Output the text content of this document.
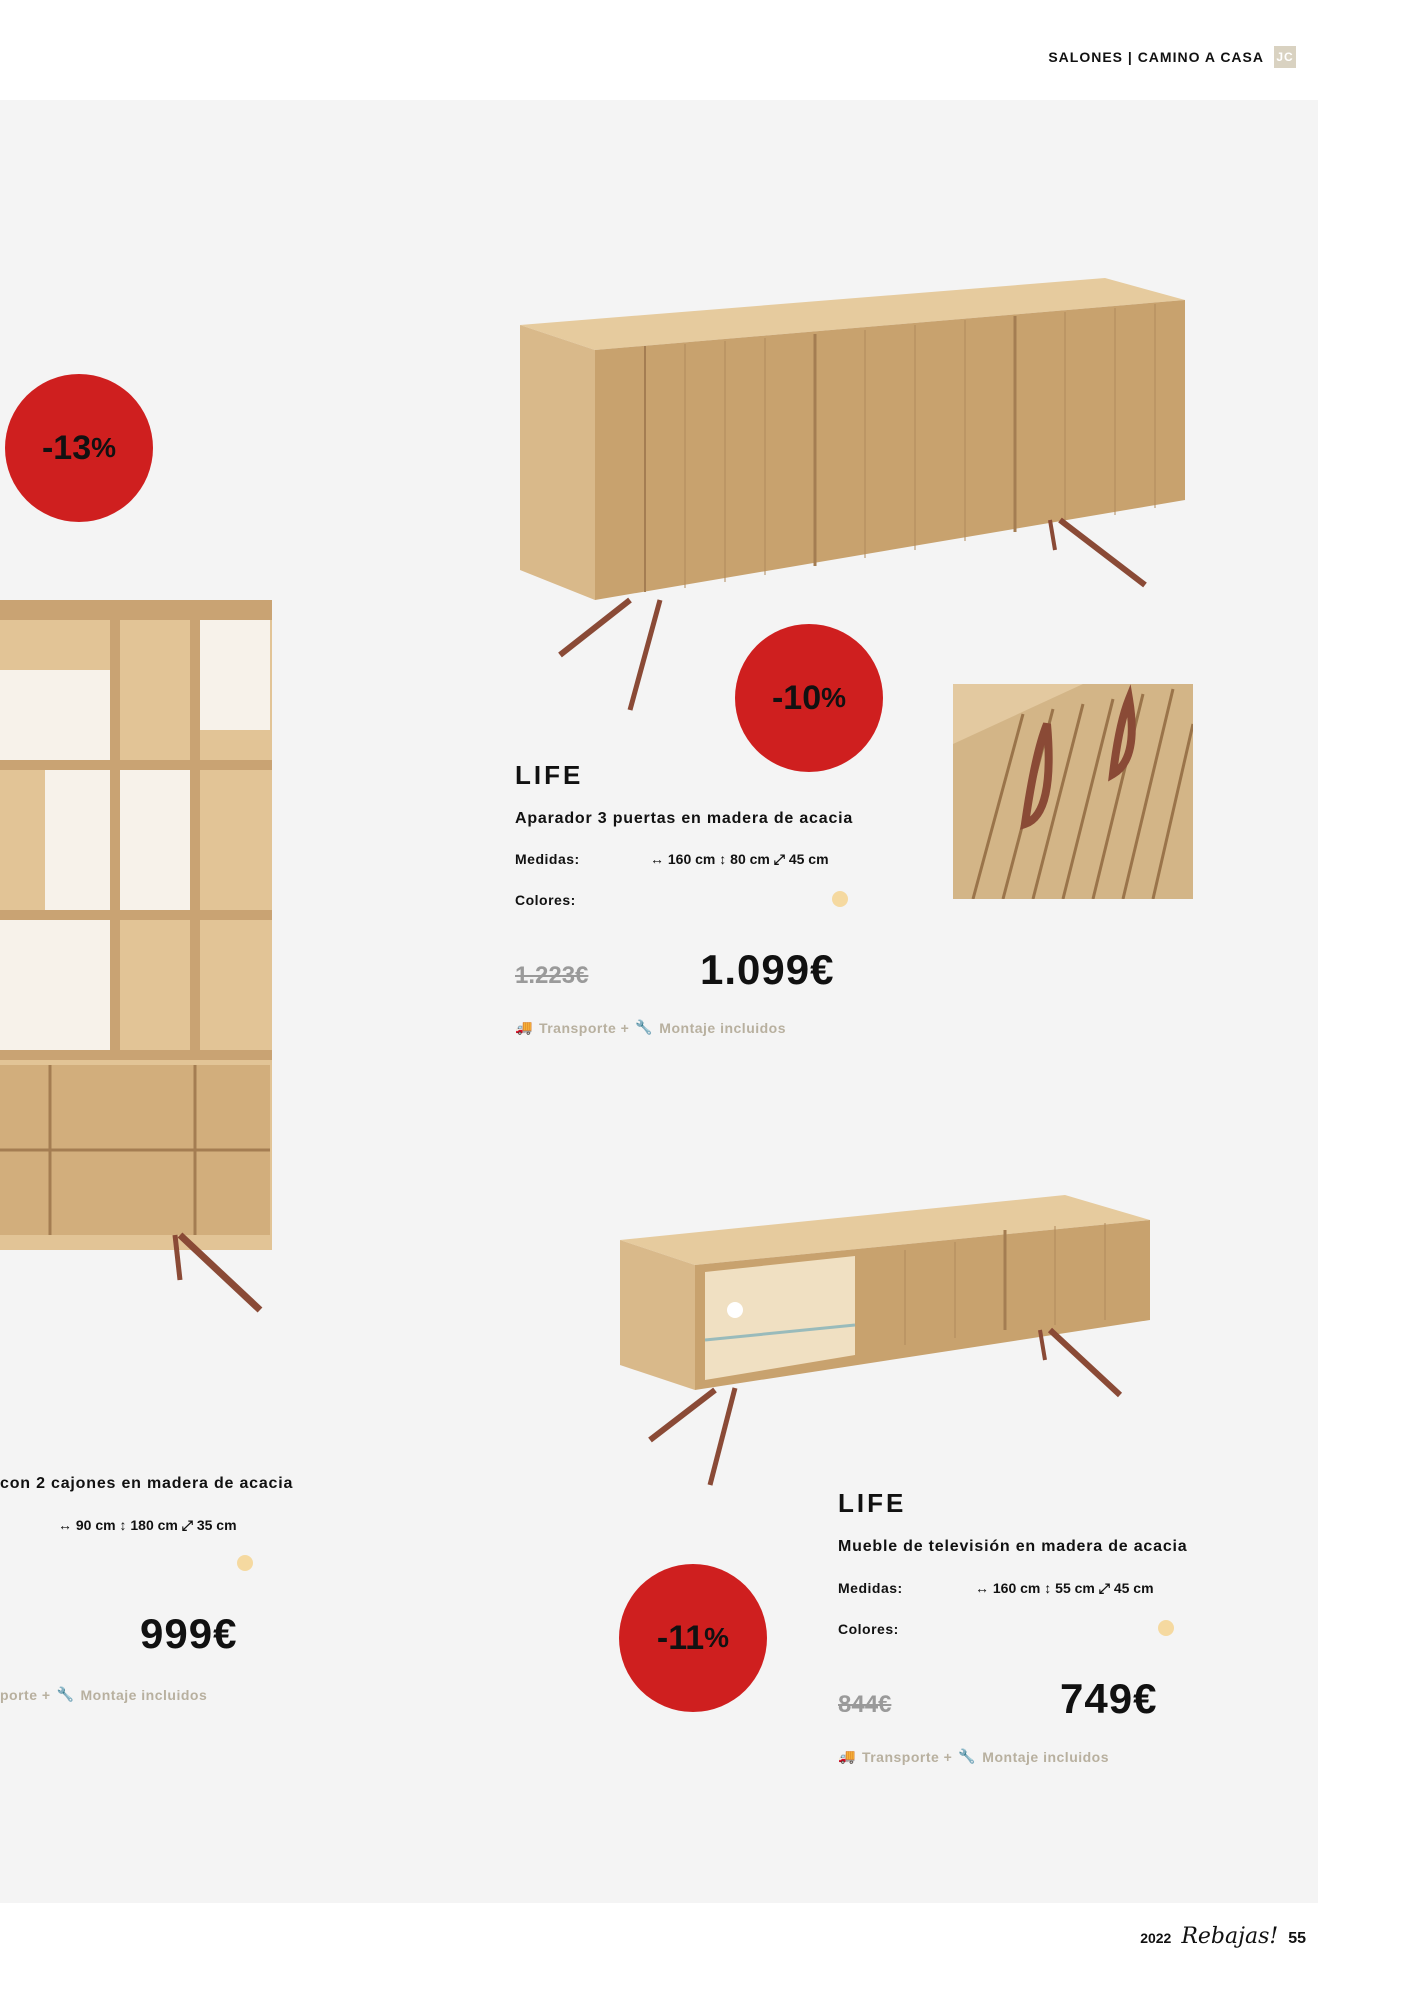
SALONES | CAMINO A CASA JC
-13 %
-10 %
LIFE
Aparador 3 puertas en madera de acacia
Medidas:	↔ 160 cm ↕ 80 cm ⤢ 45 cm
Colores:
1.223€	1.099€
🚚 Transporte + 🔧 Montaje incluidos
con 2 cajones en madera de acacia
↔ 90 cm ↕ 180 cm ⤢ 35 cm
999€
porte + 🔧 Montaje incluidos
-11 %
LIFE
Mueble de televisión en madera de acacia
Medidas:	↔ 160 cm ↕ 55 cm ⤢ 45 cm
Colores:
844€	749€
🚚 Transporte + 🔧 Montaje incluidos
2022 Rebajas! 55
